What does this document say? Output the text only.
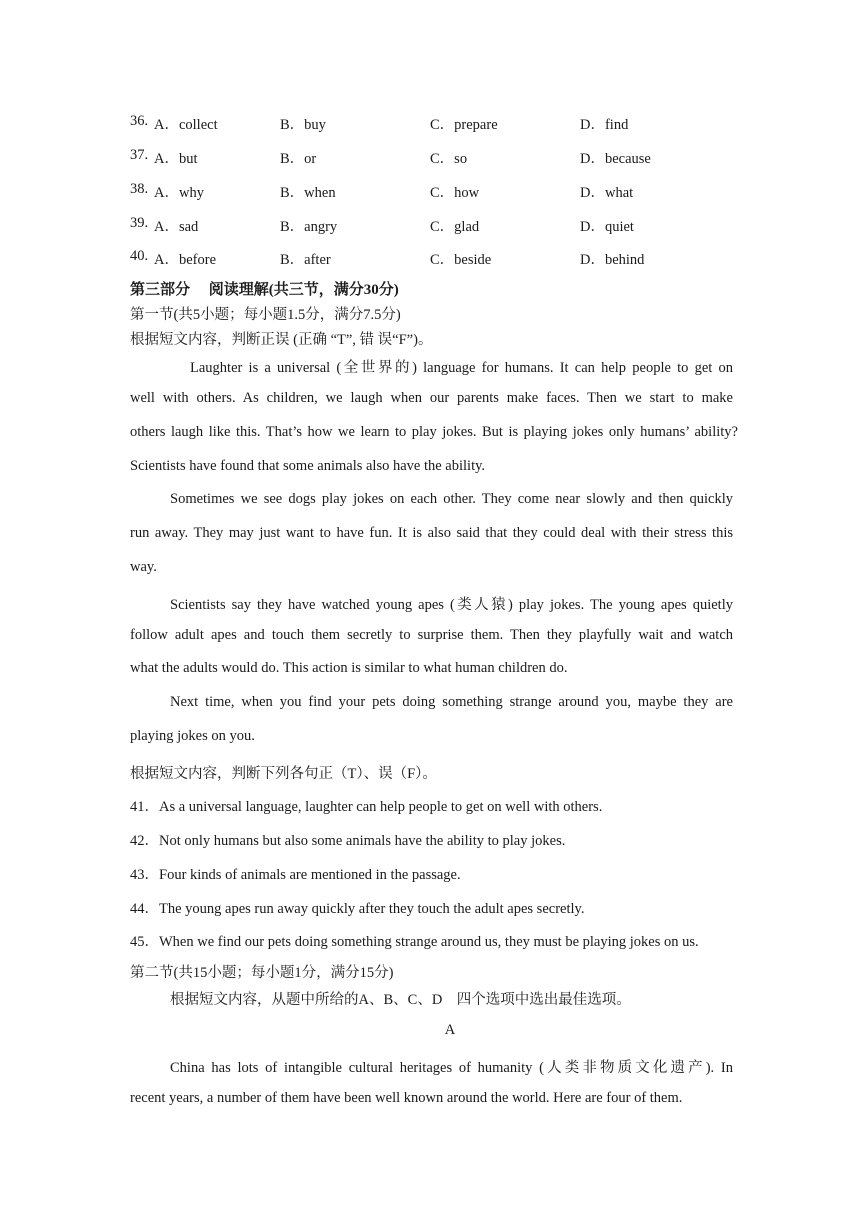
36. A．collect	B．buy	C．prepare	D．find
37. A．but	B．or	C．so	D．because
38. A．why	B．when	C．how	D．what
39. A．sad	B．angry	C．glad	D．quiet
40. A．before	B．after	C．beside	D．behind
第三部分　 阅读理解(共三节，满分30分)
第一节(共5小题；每小题1.5分，满分7.5分)
根据短文内容，判断正误 (正确 “T”, 错 误“F”)。
Laughter is a universal (全世界的) language for humans. It can help people to get on
well with others. As children, we laugh when our parents make faces. Then we start to make
others laugh like this. That’s how we learn to play jokes. But is playing jokes only humans’ ability?
Scientists have found that some animals also have the ability.
Sometimes we see dogs play jokes on each other. They come near slowly and then quickly
run away. They may just want to have fun. It is also said that they could deal with their stress this
way.
Scientists say they have watched young apes (类人猿) play jokes. The young apes quietly
follow adult apes and touch them secretly to surprise them. Then they playfully wait and watch
what the adults would do. This action is similar to what human children do.
Next time, when you find your pets doing something strange around you, maybe they are
playing jokes on you.
根据短文内容，判断下列各句正（T）、误（F）。
41．As a universal language, laughter can help people to get on well with others.
42．Not only humans but also some animals have the ability to play jokes.
43．Four kinds of animals are mentioned in the passage.
44．The young apes run away quickly after they touch the adult apes secretly.
45．When we find our pets doing something strange around us, they must be playing jokes on us.
第二节(共15小题；每小题1分，满分15分)
根据短文内容，从题中所给的A、B、C、D　四个选项中选出最佳选项。
A
China has lots of intangible cultural heritages of humanity (人类非物质文化遗产). In
recent years, a number of them have been well known around the world. Here are four of them.
